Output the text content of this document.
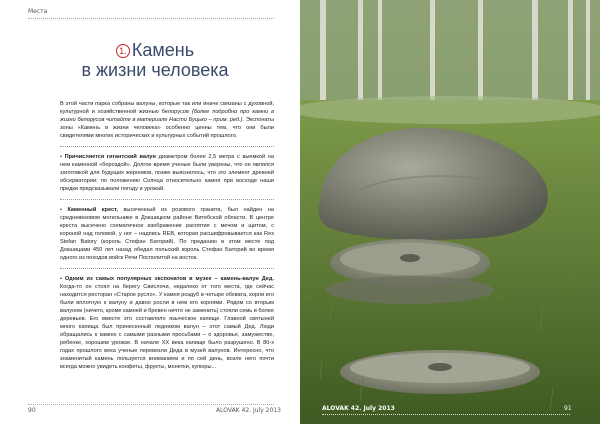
Места
1. Камень
в жизни человека

В этой части парка собраны валуны, которые так или иначе связаны с духовной, культурной и хозяйственной жизнью белорусов (более подробно про камни в жизни белорусов читайте в материале Насти Буцько – прим. ред.). Экспонаты зоны «Камень в жизни человека» особенно ценны тем, что они были свидетелями многих исторических и культурных событий прошлого.

• Причисляется гигантский валун диаметром более 2,5 метра с выемкой на нем каменной «бороздой». Долгое время ученые были уверены, что он являлся заготовкой для будущих жерновов, позже выяснилось, что это элемент древней обсерватории: по положению Солнца относительно камня при восходе наши предки предсказывали погоду и урожай.

• Каменный крест, высеченный из розового гранита, был найден на средневековом могильнике в Докшицком районе Витебской области. В центре креста высечено схематичное изображение распятия с мечом и щитом, с короной над головой, у ног – надпись REB, которая расшифровывается как Rex Stefan Batory (король Стефан Баторий). По преданию в этом месте под Докшицами 450 лет назад обедал польский король Стефан Баторий во время одного из походов войск Речи Посполитой на восток.

• Одним из самых популярных экспонатов в музее – камень-валун Дед. Когда-то он стоял на берегу Свислочи, недалеко от того места, где сейчас находится ресторан «Старое русло». У камня роздуб в четыре обхвата, корни его были вплотную к валуну и давно росли в нем его корнями. Рядом со вторым валуном (ничего, кроме камней и бревен ничто не заменить) стояли семь и более деревьев. Его вместе это составляло языческое капище. Главной святыней много капища был принесенный ледником валун – этот самый Дед. Люди обращались к камню с самыми разными просьбами – о здоровье, замужестве, ребенке, хорошем урожае. В начале XX века капище было разрушено. В 80-х годах прошлого века ученые перевезли Деда в музей валунов. Интересно, что знаменитый камень пользуется вниманием и по сей день, возле него почти всегда можно увидеть конфеты, фрукты, монетки, купюры...

90	ALOVAK 42. July 2013	ALOVAK 42. July 2013	91
